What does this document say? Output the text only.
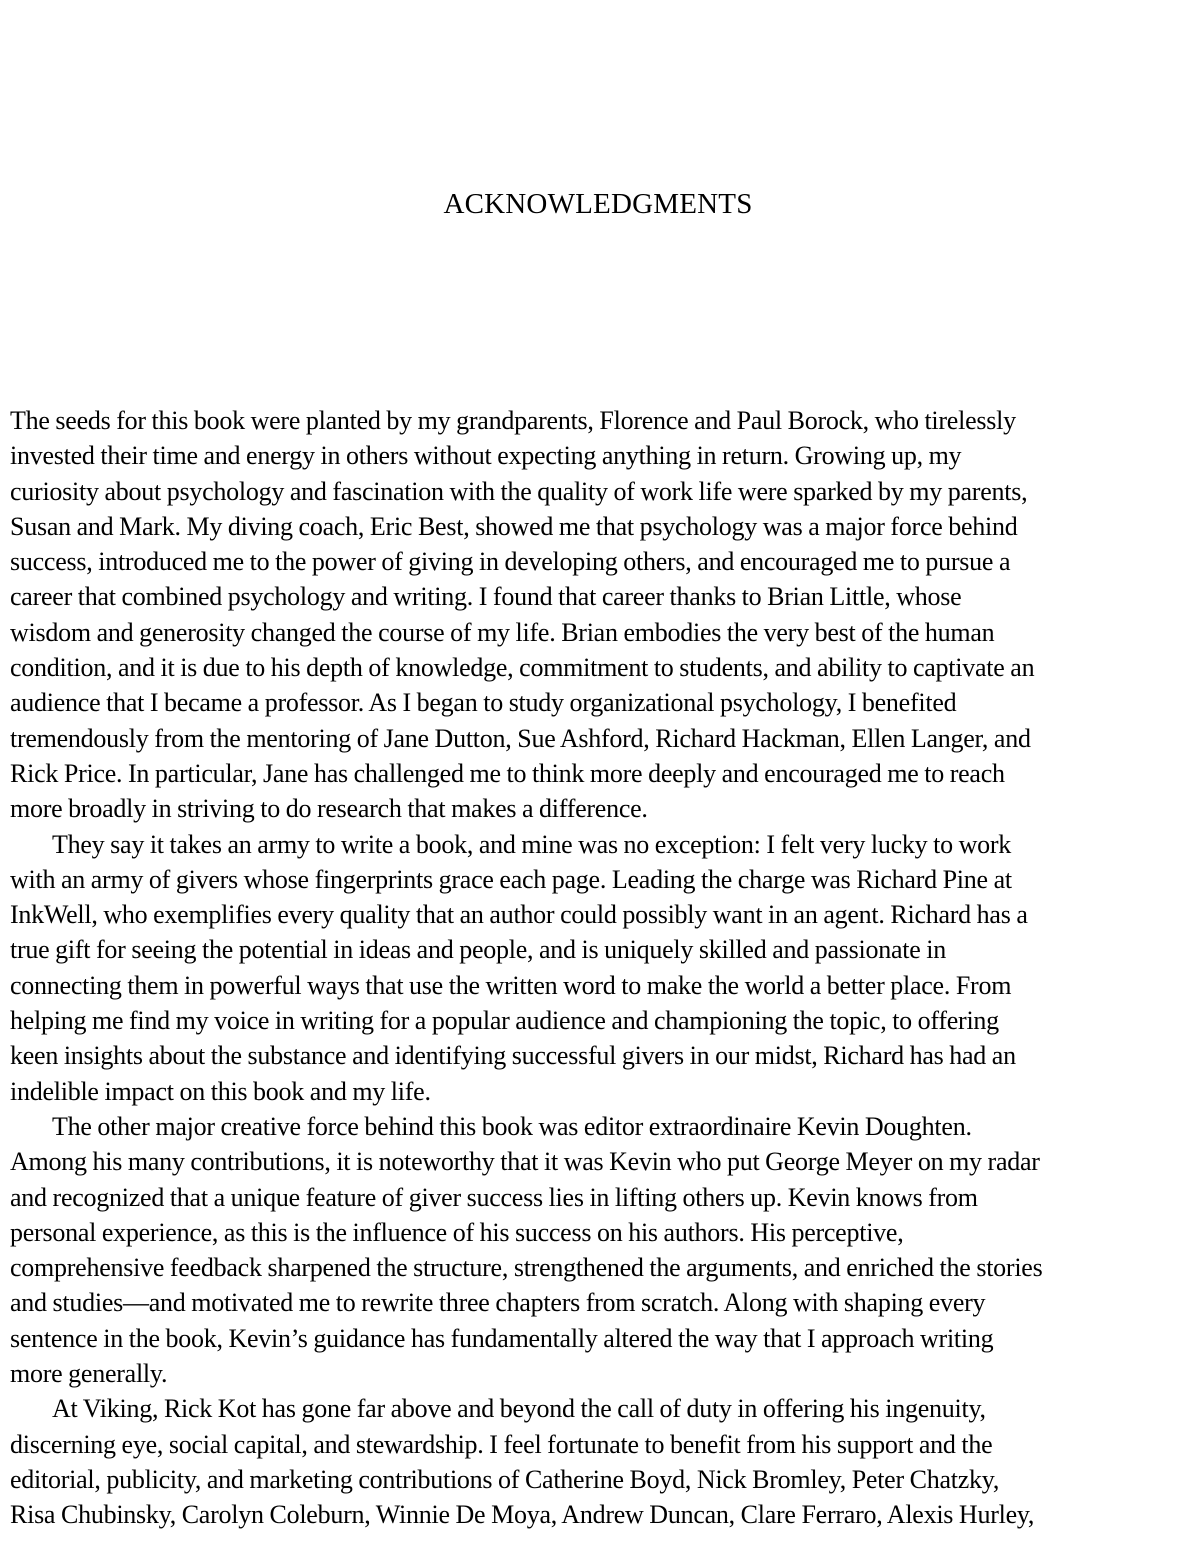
ACKNOWLEDGMENTS

The seeds for this book were planted by my grandparents, Florence and Paul Borock, who tirelessly
invested their time and energy in others without expecting anything in return. Growing up, my
curiosity about psychology and fascination with the quality of work life were sparked by my parents,
Susan and Mark. My diving coach, Eric Best, showed me that psychology was a major force behind
success, introduced me to the power of giving in developing others, and encouraged me to pursue a
career that combined psychology and writing. I found that career thanks to Brian Little, whose
wisdom and generosity changed the course of my life. Brian embodies the very best of the human
condition, and it is due to his depth of knowledge, commitment to students, and ability to captivate an
audience that I became a professor. As I began to study organizational psychology, I benefited
tremendously from the mentoring of Jane Dutton, Sue Ashford, Richard Hackman, Ellen Langer, and
Rick Price. In particular, Jane has challenged me to think more deeply and encouraged me to reach
more broadly in striving to do research that makes a difference.

They say it takes an army to write a book, and mine was no exception: I felt very lucky to work
with an army of givers whose fingerprints grace each page. Leading the charge was Richard Pine at
InkWell, who exemplifies every quality that an author could possibly want in an agent. Richard has a
true gift for seeing the potential in ideas and people, and is uniquely skilled and passionate in
connecting them in powerful ways that use the written word to make the world a better place. From
helping me find my voice in writing for a popular audience and championing the topic, to offering
keen insights about the substance and identifying successful givers in our midst, Richard has had an
indelible impact on this book and my life.

The other major creative force behind this book was editor extraordinaire Kevin Doughten.
Among his many contributions, it is noteworthy that it was Kevin who put George Meyer on my radar
and recognized that a unique feature of giver success lies in lifting others up. Kevin knows from
personal experience, as this is the influence of his success on his authors. His perceptive,
comprehensive feedback sharpened the structure, strengthened the arguments, and enriched the stories
and studies—and motivated me to rewrite three chapters from scratch. Along with shaping every
sentence in the book, Kevin’s guidance has fundamentally altered the way that I approach writing
more generally.

At Viking, Rick Kot has gone far above and beyond the call of duty in offering his ingenuity,
discerning eye, social capital, and stewardship. I feel fortunate to benefit from his support and the
editorial, publicity, and marketing contributions of Catherine Boyd, Nick Bromley, Peter Chatzky,
Risa Chubinsky, Carolyn Coleburn, Winnie De Moya, Andrew Duncan, Clare Ferraro, Alexis Hurley,
